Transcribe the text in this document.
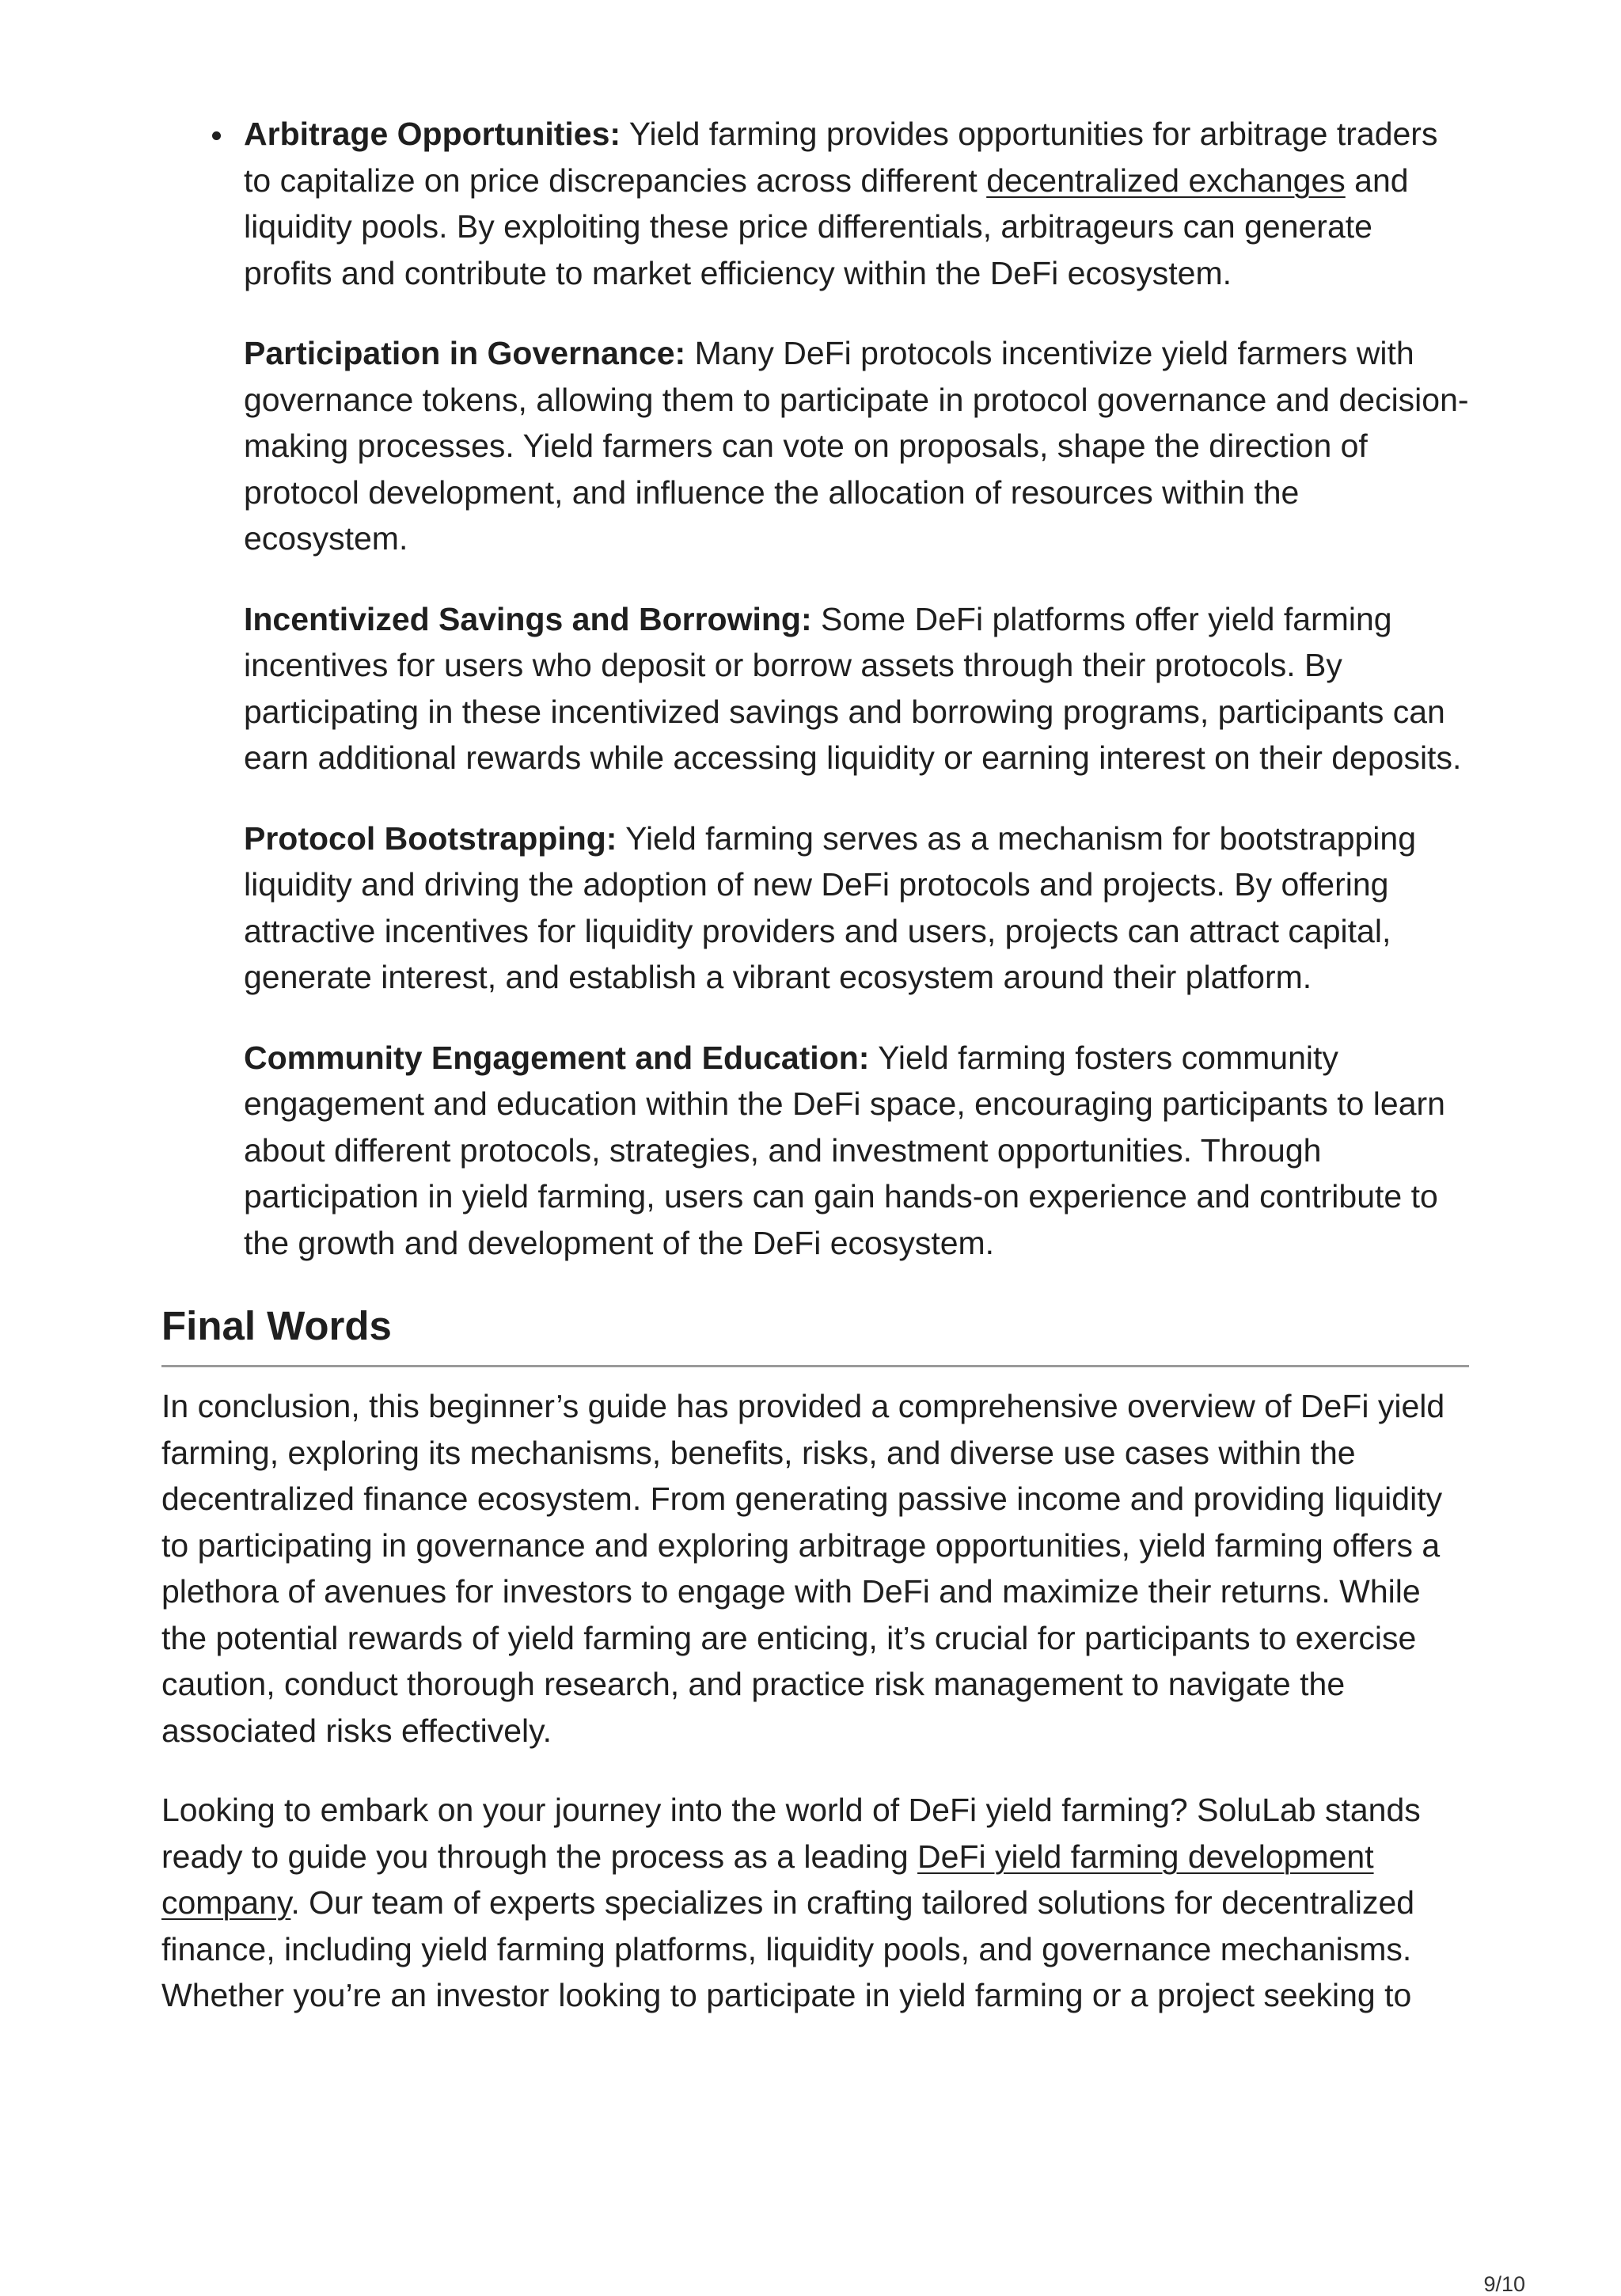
Arbitrage Opportunities: Yield farming provides opportunities for arbitrage traders to capitalize on price discrepancies across different decentralized exchanges and liquidity pools. By exploiting these price differentials, arbitrageurs can generate profits and contribute to market efficiency within the DeFi ecosystem.
Participation in Governance: Many DeFi protocols incentivize yield farmers with governance tokens, allowing them to participate in protocol governance and decision-making processes. Yield farmers can vote on proposals, shape the direction of protocol development, and influence the allocation of resources within the ecosystem.
Incentivized Savings and Borrowing: Some DeFi platforms offer yield farming incentives for users who deposit or borrow assets through their protocols. By participating in these incentivized savings and borrowing programs, participants can earn additional rewards while accessing liquidity or earning interest on their deposits.
Protocol Bootstrapping: Yield farming serves as a mechanism for bootstrapping liquidity and driving the adoption of new DeFi protocols and projects. By offering attractive incentives for liquidity providers and users, projects can attract capital, generate interest, and establish a vibrant ecosystem around their platform.
Community Engagement and Education: Yield farming fosters community engagement and education within the DeFi space, encouraging participants to learn about different protocols, strategies, and investment opportunities. Through participation in yield farming, users can gain hands-on experience and contribute to the growth and development of the DeFi ecosystem.
Final Words

In conclusion, this beginner’s guide has provided a comprehensive overview of DeFi yield farming, exploring its mechanisms, benefits, risks, and diverse use cases within the decentralized finance ecosystem. From generating passive income and providing liquidity to participating in governance and exploring arbitrage opportunities, yield farming offers a plethora of avenues for investors to engage with DeFi and maximize their returns. While the potential rewards of yield farming are enticing, it’s crucial for participants to exercise caution, conduct thorough research, and practice risk management to navigate the associated risks effectively.

Looking to embark on your journey into the world of DeFi yield farming? SoluLab stands ready to guide you through the process as a leading DeFi yield farming development company. Our team of experts specializes in crafting tailored solutions for decentralized finance, including yield farming platforms, liquidity pools, and governance mechanisms. Whether you’re an investor looking to participate in yield farming or a project seeking to

9/10
